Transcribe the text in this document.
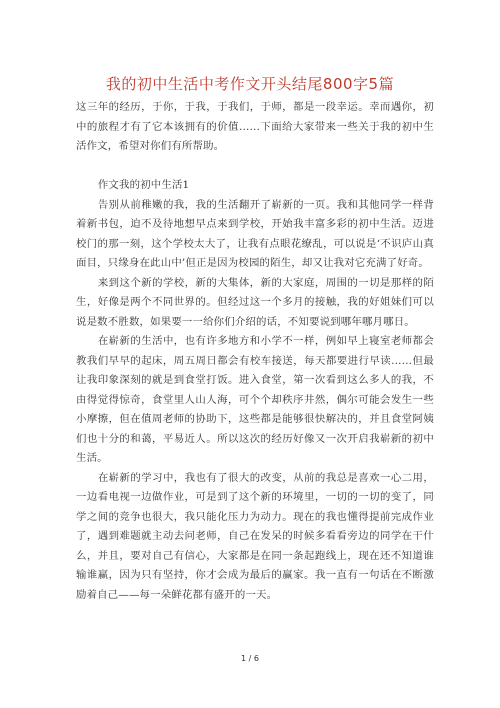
我的初中生活中考作文开头结尾800字5篇

这三年的经历，于你，于我，于我们，于师，都是一段幸运。幸而遇你，初中的旅程才有了它本该拥有的价值……下面给大家带来一些关于我的初中生活作文，希望对你们有所帮助。

作文我的初中生活1

告别从前稚嫩的我，我的生活翻开了崭新的一页。我和其他同学一样背着新书包，迫不及待地想早点来到学校，开始我丰富多彩的初中生活。迈进校门的那一刻，这个学校太大了，让我有点眼花缭乱，可以说是‘不识庐山真面目，只缘身在此山中’但正是因为校园的陌生，却又让我对它充满了好奇。

来到这个新的学校，新的大集体，新的大家庭，周围的一切是那样的陌生，好像是两个不同世界的。但经过这一个多月的接触，我的好姐妹们可以说是数不胜数，如果要一一给你们介绍的话，不知要说到哪年哪月哪日。

在崭新的生活中，也有许多地方和小学不一样，例如早上寝室老师都会教我们早早的起床，周五周日都会有校车接送，每天都要进行早读……但最让我印象深刻的就是到食堂打饭。进入食堂，第一次看到这么多人的我，不由得觉得惊奇，食堂里人山人海，可个个却秩序井然，偶尔可能会发生一些小摩擦，但在值周老师的协助下，这些都是能够很快解决的，并且食堂阿姨们也十分的和蔼，平易近人。所以这次的经历好像又一次开启我崭新的初中生活。

在崭新的学习中，我也有了很大的改变，从前的我总是喜欢一心二用，一边看电视一边做作业，可是到了这个新的环境里，一切的一切的变了，同学之间的竞争也很大，我只能化压力为动力。现在的我也懂得提前完成作业了，遇到难题就主动去问老师，自己在发呆的时候多看看旁边的同学在干什么，并且，要对自己有信心，大家都是在同一条起跑线上，现在还不知道谁输谁赢，因为只有坚持，你才会成为最后的赢家。我一直有一句话在不断激励着自己——每一朵鲜花都有盛开的一天。

1 / 6
